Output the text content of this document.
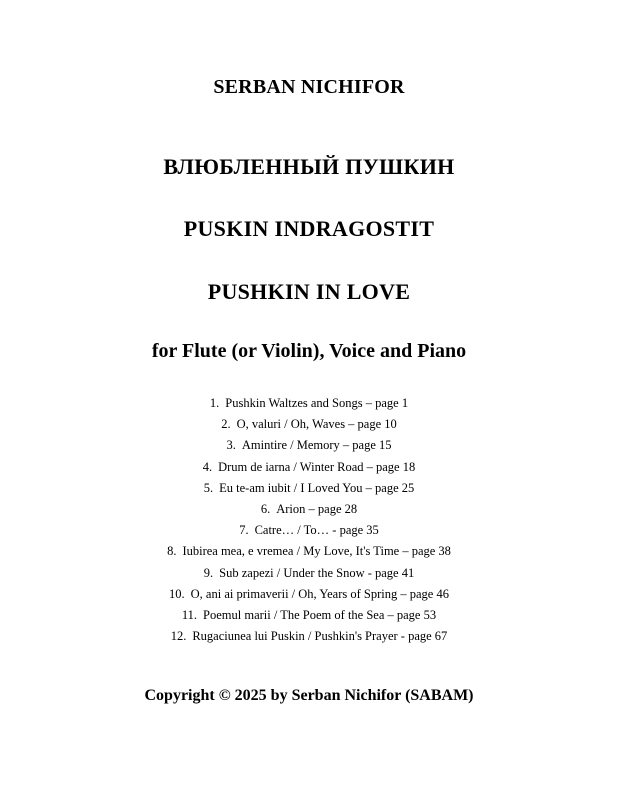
SERBAN NICHIFOR
ВЛЮБЛЕННЫЙ ПУШКИН
PUSKIN INDRAGOSTIT
PUSHKIN IN LOVE
for Flute (or Violin), Voice and Piano
1. Pushkin Waltzes and Songs – page 1
2. O, valuri / Oh, Waves – page 10
3. Amintire / Memory – page 15
4. Drum de iarna / Winter Road – page 18
5. Eu te-am iubit / I Loved You – page 25
6. Arion – page 28
7. Catre… / To… - page 35
8. Iubirea mea, e vremea / My Love, It's Time – page 38
9. Sub zapezi / Under the Snow - page 41
10. O, ani ai primaverii / Oh, Years of Spring – page 46
11. Poemul marii / The Poem of the Sea – page 53
12. Rugaciunea lui Puskin / Pushkin's Prayer - page 67
Copyright © 2025 by Serban Nichifor (SABAM)
